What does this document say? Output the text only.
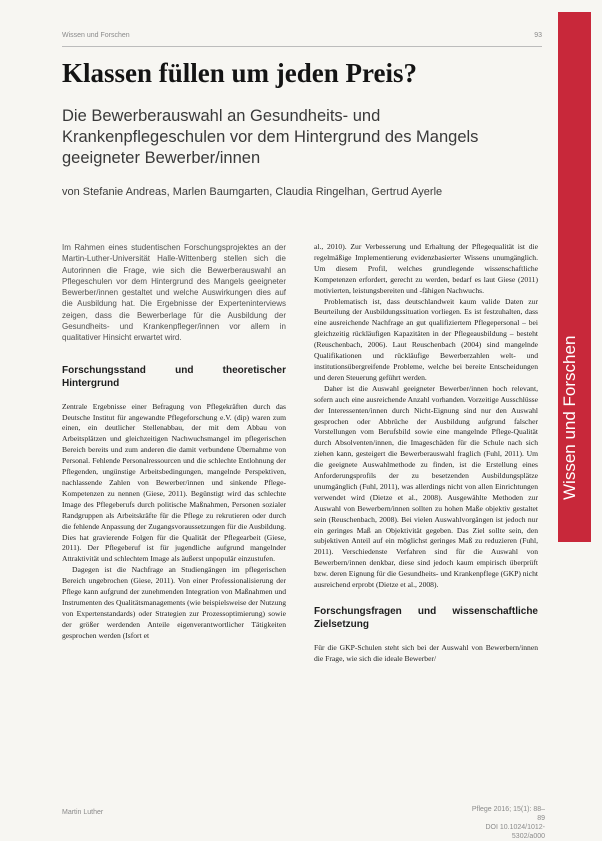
Wissen und Forschen	93
Klassen füllen um jeden Preis?

Die Bewerberauswahl an Gesundheits- und Krankenpflegeschulen vor dem Hintergrund des Mangels geeigneter Bewerber/innen

von Stefanie Andreas, Marlen Baumgarten, Claudia Ringelhan, Gertrud Ayerle

Im Rahmen eines studentischen Forschungsprojektes an der Martin-Luther-Universität Halle-Wittenberg stellen sich die Autorinnen die Frage, wie sich die Bewerberauswahl an Pflegeschulen vor dem Hintergrund des Mangels geeigneter Bewerber/innen gestaltet und welche Auswirkungen dies auf die Ausbildung hat. Die Ergebnisse der Experteninterviews zeigen, dass die Bewerberlage für die Ausbildung der Gesundheits- und Krankenpfleger/innen vor allem in qualitativer Hinsicht erwartet wird.

Forschungsstand und theoretischer Hintergrund

Zentrale Ergebnisse einer Befragung von Pflegekräften durch das Deutsche Institut für angewandte Pflegeforschung e.V. (dip) waren zum einen, ein deutlicher Stellenabbau, der mit dem Abbau von Arbeitsplätzen und gleichzeitigen Nachwuchsmangel im pflegerischen Bereich bereits und zum anderen die damit verbundene Übernahme von Personal. Fehlende Personalressourcen und die schlechte Entlohnung der Pflegenden, ungünstige Arbeitsbedingungen, mangelnde Perspektiven, nachlassende Zahlen von Bewerber/innen und sinkende Pflege-Kompetenzen zu nennen (Giese, 2011). Begünstigt wird das schlechte Image des Pflegeberufs durch politische Maßnahmen, Personen sozialer Randgruppen als Arbeitskräfte für die Pflege zu rekrutieren oder durch die fehlende Anpassung der Zugangsvoraussetzungen für die Ausbildung. Dies hat gravierende Folgen für die Qualität der Pflegearbeit (Giese, 2011). Der Pflegeberuf ist für jugendliche aufgrund mangelnder Attraktivität und schlechtem Image als äußerst unpopulär einzustufen.

Dagegen ist die Nachfrage an Studiengängen im pflegerischen Bereich ungebrochen (Giese, 2011). Von einer Professionalisierung der Pflege kann aufgrund der zunehmenden Integration von Maßnahmen und Instrumenten des Qualitätsmanagements (wie beispielsweise der Nutzung von Expertenstandards) oder Strategien zur Prozessoptimierung) sowie der größer werdenden Anteile eigenverantwortlicher Tätigkeiten gesprochen werden (Isfort et

al., 2010). Zur Verbesserung und Erhaltung der Pflegequalität ist die regelmäßige Implementierung evidenzbasierter Wissens unumgänglich. Um diesem Profil, welches grundlegende wissenschaftliche Kompetenzen erfordert, gerecht zu werden, bedarf es laut Giese (2011) motivierten, leistungsbereiten und -fähigen Nachwuchs.

Problematisch ist, dass deutschlandweit kaum valide Daten zur Beurteilung der Ausbildungssituation vorliegen. Es ist festzuhalten, dass eine ausreichende Nachfrage an gut qualifiziertem Pflegepersonal – bei gleichzeitig rückläufigen Kapazitäten in der Pflegeausbildung – besteht (Reuschenbach, 2006). Laut Reuschenbach (2004) sind mangelnde Qualifikationen und rückläufige Bewerberzahlen welt- und institutionsübergreifende Probleme, welche bei bereite Entscheidungen und deren Steuerung geführt werden.

Daher ist die Auswahl geeigneter Bewerber/innen hoch relevant, sofern auch eine ausreichende Anzahl vorhanden. Vorzeitige Ausschlüsse der Interessenten/innen durch Nicht-Eignung sind nur den Auswahl gesprochen oder Abbrüche der Ausbildung aufgrund falscher Vorstellungen vom Berufsbild sowie eine mangelnde Pflege-Qualität durch Absolventen/innen, die Imageschäden für die Schule nach sich ziehen kann, gesteigert die Bewerberauswahl fraglich (Fuhl, 2011). Um die geeignete Auswahlmethode zu finden, ist die Erstellung eines Anforderungsprofils der zu besetzenden Ausbildungsplätze unumgänglich (Fuhl, 2011), was allerdings nicht von allen Einrichtungen verwendet wird (Dietze et al., 2008). Ausgewählte Methoden zur Auswahl von Bewerbern/innen sollten zu hohen Maße objektiv gestaltet sein (Reuschenbach, 2008). Bei vielen Auswahlvorgängen ist jedoch nur ein geringes Maß an Objektivität gegeben. Das Ziel sollte sein, den subjektiven Anteil auf ein möglichst geringes Maß zu reduzieren (Fuhl, 2011). Verschiedenste Verfahren sind für die Auswahl von Bewerbern/innen denkbar, diese sind jedoch kaum empirisch überprüft bzw. deren Eignung für die Gesundheits- und Krankenpflege (GKP) nicht ausreichend erprobt (Dietze et al., 2008).

Forschungsfragen und wissenschaftliche Zielsetzung

Für die GKP-Schulen steht sich bei der Auswahl von Bewerbern/innen die Frage, wie sich die ideale Bewerber/

Martin Luther	Pflege 2016; 15(1): 88–89
DOI 10.1024/1012-5302/a000
